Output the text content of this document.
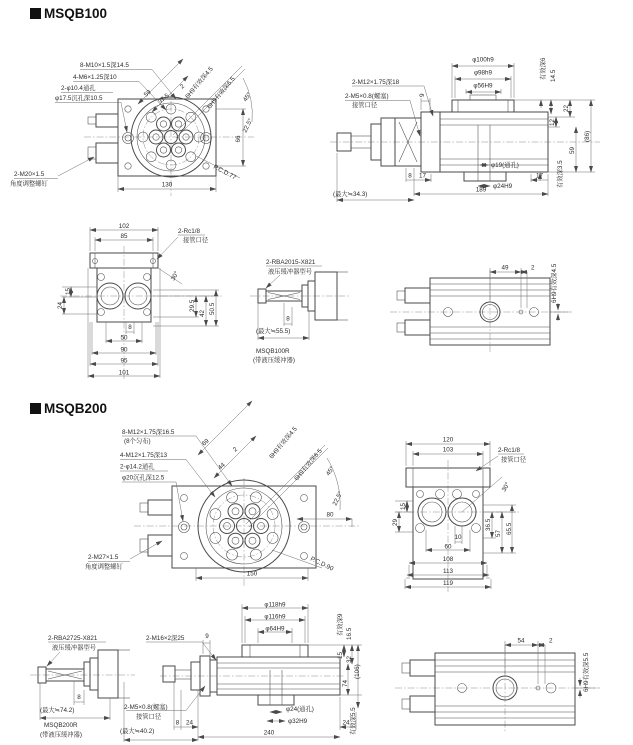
MSQB100
8-M10×1.5深14.5
4-M6×1.25深10
2-φ10.4通孔
φ17.5沉孔深10.5
2-M20×1.5
角度调整螺钉
59 37.5
2
6H9有效深4.5
6H9有效深6.5 45°
22.5°
66
P.C.D.77
130
φ100h9
φ98h9
φ56H9
有效深6 14.5
22
12
59
(86)
2-M12×1.75深18
2-M5×0.8(螺塞)
接管口径
9
φ19(通孔)
φ24H9
8 17	17
189
有效深3.5
(最大≒34.3)
102
85
2-Rc1/8
接管口径
30°
15
24	29.5
42 50.5
8
50
90
95
101
2-RBA2015-X821
液压缓冲器型号
8
(最大≒55.5)
MSQB100R
(带液压缓冲器)
49	2	6H9有效深4.5
MSQB200
8-M12×1.75深16.5
(8个匀布)
4-M12×1.75深13
2-φ14.2通孔
φ20沉孔深12.5
2-M27×1.5
角度调整螺钉
69
44
2	6H9有效深4.5
6H9有效深6.5 45°
22.5°
80
P.C.D.90
150
120
103	2-Rc1/8
接管口径
30°
15
29	36.5
57 65.5
10
60
108
113
119
2-RBA2725-X821
液压缓冲器型号
8
(最大≒74.2)
MSQB200R
(带液压缓冲器)
φ118h9
φ116h9
φ64H9	有效深9 16.5
15
32
74
(106)
2-M16×2深25	9
2-M5×0.8(螺塞)
接管口径
8 24
(最大≒40.2)
φ24(通孔)
φ32H9	24
240	有效深5.5
54	2
6H9有效深5.5
